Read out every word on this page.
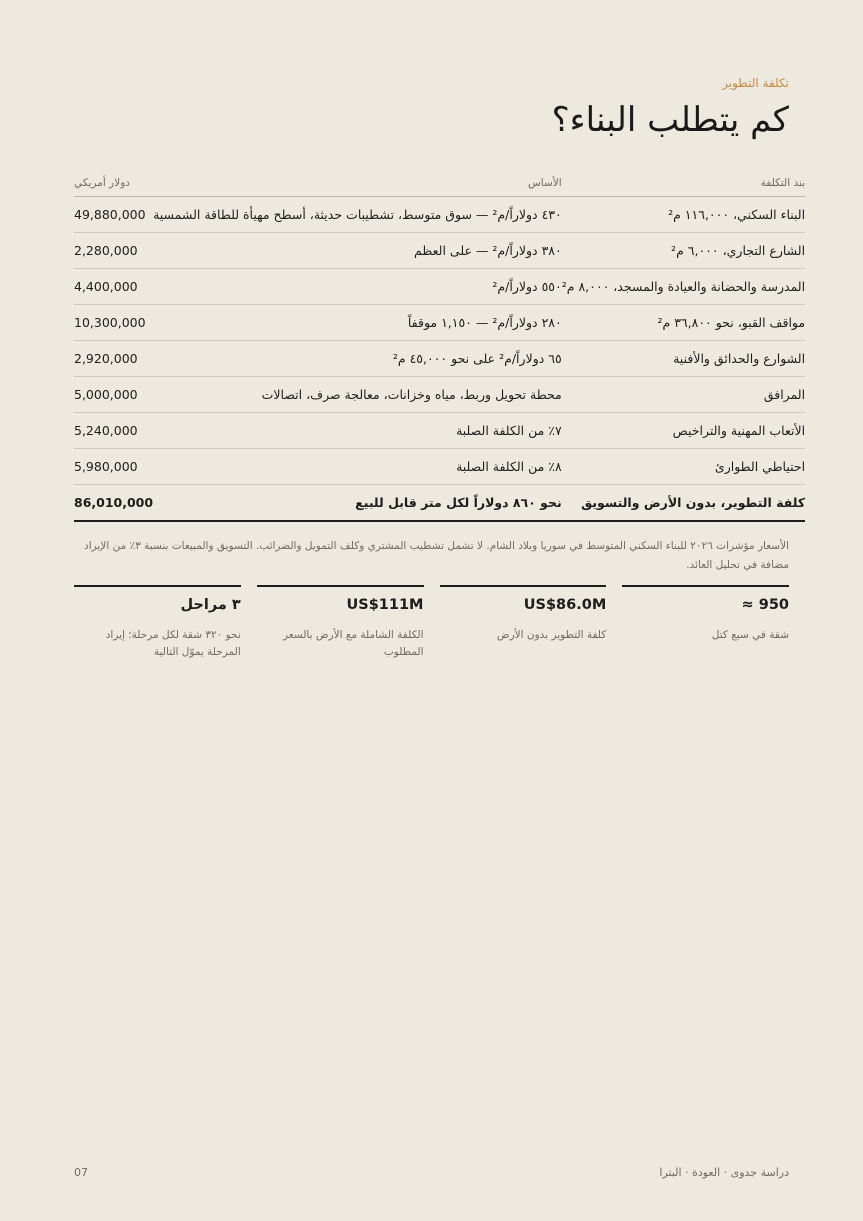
تكلفة التطوير
كم يتطلب البناء؟
بند التكلفة	الأساس	دولار أمريكي
البناء السكني، ١١٦,٠٠٠ م²	٤٣٠ دولاراً/م² — سوق متوسط، تشطيبات حديثة، أسطح مهيأة للطاقة الشمسية	49,880,000
الشارع التجاري، ٦,٠٠٠ م²	٣٨٠ دولاراً/م² — على العظم	2,280,000
المدرسة والحضانة والعيادة والمسجد، ٨,٠٠٠ م²	٥٥٠ دولاراً/م²	4,400,000
مواقف القبو، نحو ٣٦,٨٠٠ م²	٢٨٠ دولاراً/م² — ١,١٥٠ موقفاً	10,300,000
الشوارع والحدائق والأفنية	٦٥ دولاراً/م² على نحو ٤٥,٠٠٠ م²	2,920,000
المرافق	محطة تحويل وربط، مياه وخزانات، معالجة صرف، اتصالات	5,000,000
الأتعاب المهنية والتراخيص	٧٪ من الكلفة الصلبة	5,240,000
احتياطي الطوارئ	٨٪ من الكلفة الصلبة	5,980,000
كلفة التطوير، بدون الأرض والتسويق	نحو ٨٦٠ دولاراً لكل متر قابل للبيع	86,010,000

الأسعار مؤشرات ٢٠٢٦ للبناء السكني المتوسط في سوريا وبلاد الشام. لا تشمل تشطيب المشتري وكلف التمويل والضرائب. التسويق والمبيعات بنسبة ٣٪ من الإيراد مضافة في تحليل العائد.

≈ 950
شقة في سبع كتل
US$86.0M
كلفة التطوير بدون الأرض
US$111M
الكلفة الشاملة مع الأرض بالسعر المطلوب
٣ مراحل
نحو ٣٢٠ شقة لكل مرحلة؛ إيراد المرحلة يموّل التالية
07	دراسة جدوى · العودة · البترا
